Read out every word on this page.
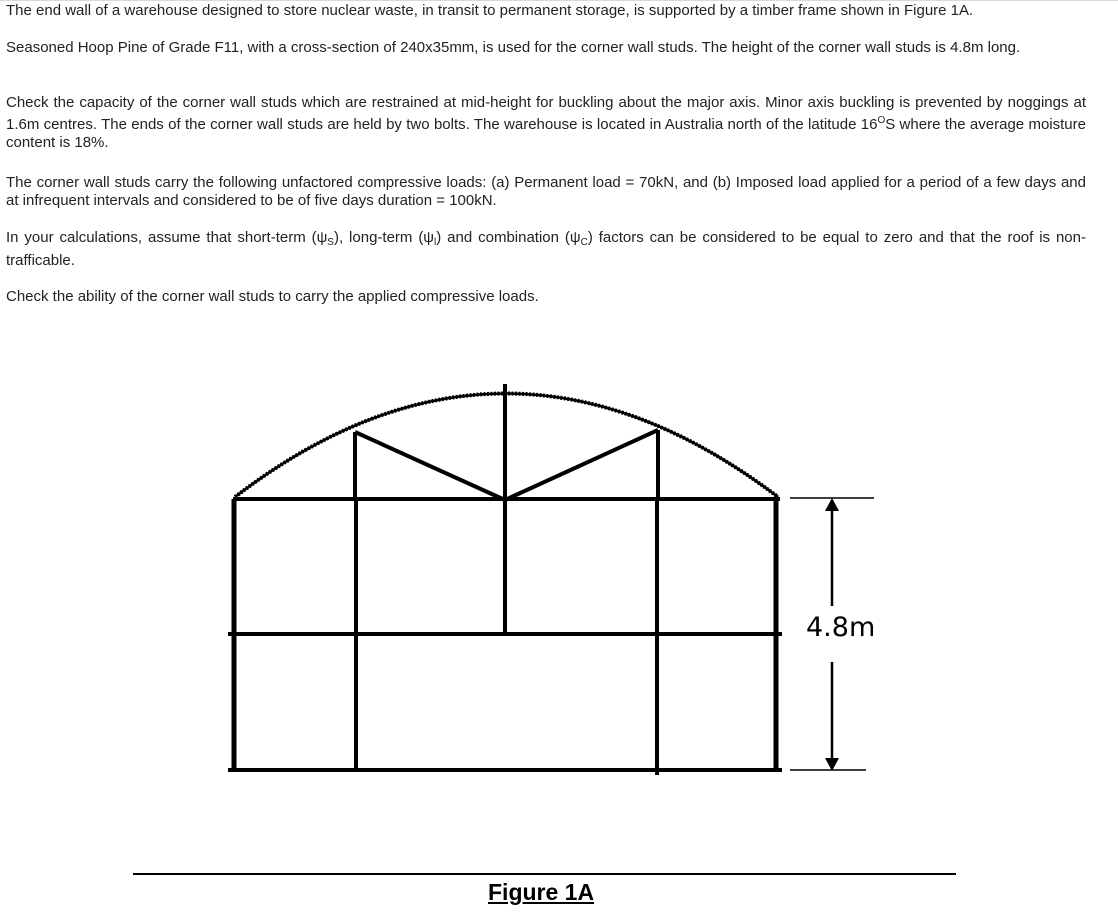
The end wall of a warehouse designed to store nuclear waste, in transit to permanent storage, is supported by a timber frame shown in Figure 1A.

Seasoned Hoop Pine of Grade F11, with a cross-section of 240x35mm, is used for the corner wall studs. The height of the corner wall studs is 4.8m long.

Check the capacity of the corner wall studs which are restrained at mid-height for buckling about the major axis. Minor axis buckling is prevented by noggings at 1.6m centres. The ends of the corner wall studs are held by two bolts. The warehouse is located in Australia north of the latitude $16^OS$ where the average moisture content is 18%.

The corner wall studs carry the following unfactored compressive loads: (a) Permanent load = 70kN, and (b) Imposed load applied for a period of a few days and at infrequent intervals and considered to be of five days duration = 100kN.

In your calculations, assume that short-term $(\psi_S)$, long-term $(\psi_l)$ and combination $(\psi_C)$ factors can be considered to be equal to zero and that the roof is non-trafficable.

Check the ability of the corner wall studs to carry the applied compressive loads.

4.8m
Figure 1A
